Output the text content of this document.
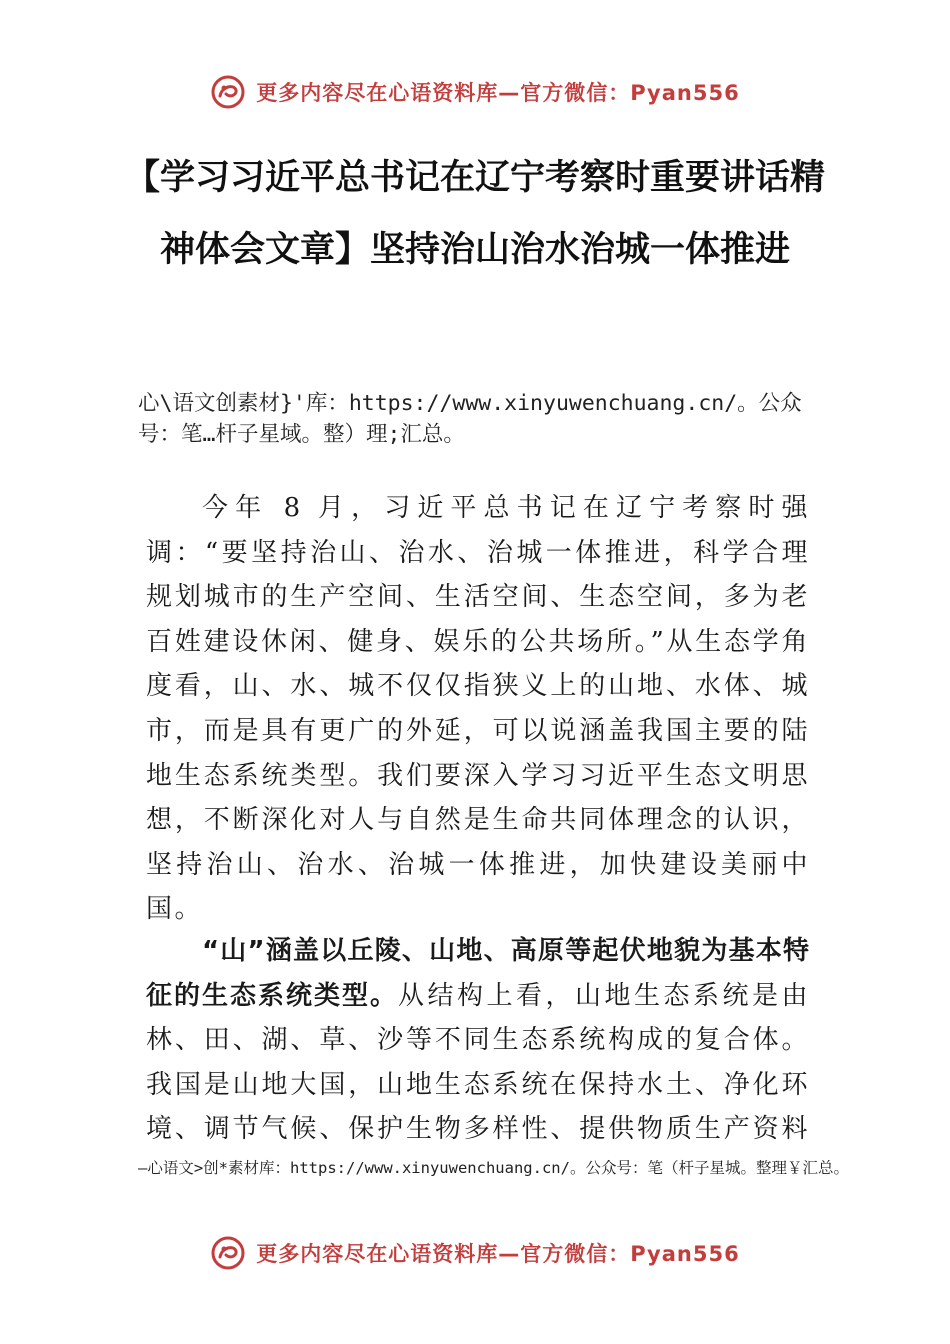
更多内容尽在心语资料库—官方微信：Pyan556
【学习习近平总书记在辽宁考察时重要讲话精神体会文章】坚持治山治水治城一体推进

心\语文创素材}'库：https://www.xinyuwenchuang.cn/。公众号：笔…杆子星域。整）理;汇总。

今年 8 月，习近平总书记在辽宁考察时强调：“要坚持治山、治水、治城一体推进，科学合理规划城市的生产空间、生活空间、生态空间，多为老百姓建设休闲、健身、娱乐的公共场所。”从生态学角度看，山、水、城不仅仅指狭义上的山地、水体、城市，而是具有更广的外延，可以说涵盖我国主要的陆地生态系统类型。我们要深入学习习近平生态文明思想，不断深化对人与自然是生命共同体理念的认识，坚持治山、治水、治城一体推进，加快建设美丽中国。

“山”涵盖以丘陵、山地、高原等起伏地貌为基本特征的生态系统类型。从结构上看，山地生态系统是由林、田、湖、草、沙等不同生态系统构成的复合体。我国是山地大国，山地生态系统在保持水土、净化环境、调节气候、保护生物多样性、提供物质生产资料

—心语文>创*素材库：https://www.xinyuwenchuang.cn/。公众号：笔（杆子星城。整理￥汇总。

更多内容尽在心语资料库—官方微信：Pyan556
